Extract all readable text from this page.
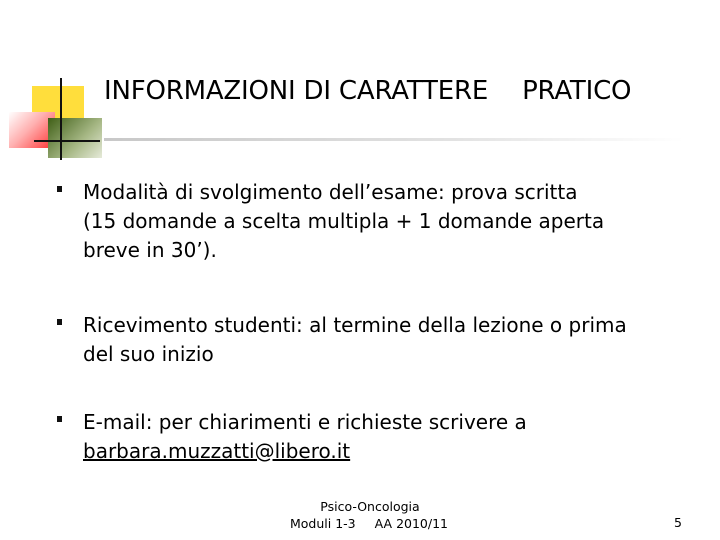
INFORMAZIONI DI CARATTERE PRATICO
Modalità di svolgimento dell’esame: prova scritta
(15 domande a scelta multipla + 1 domande aperta
breve in 30’).
Ricevimento studenti: al termine della lezione o prima
del suo inizio
E-mail: per chiarimenti e richieste scrivere a
barbara.muzzatti@libero.it
Psico-Oncologia
Moduli 1-3 AA 2010/11	5
